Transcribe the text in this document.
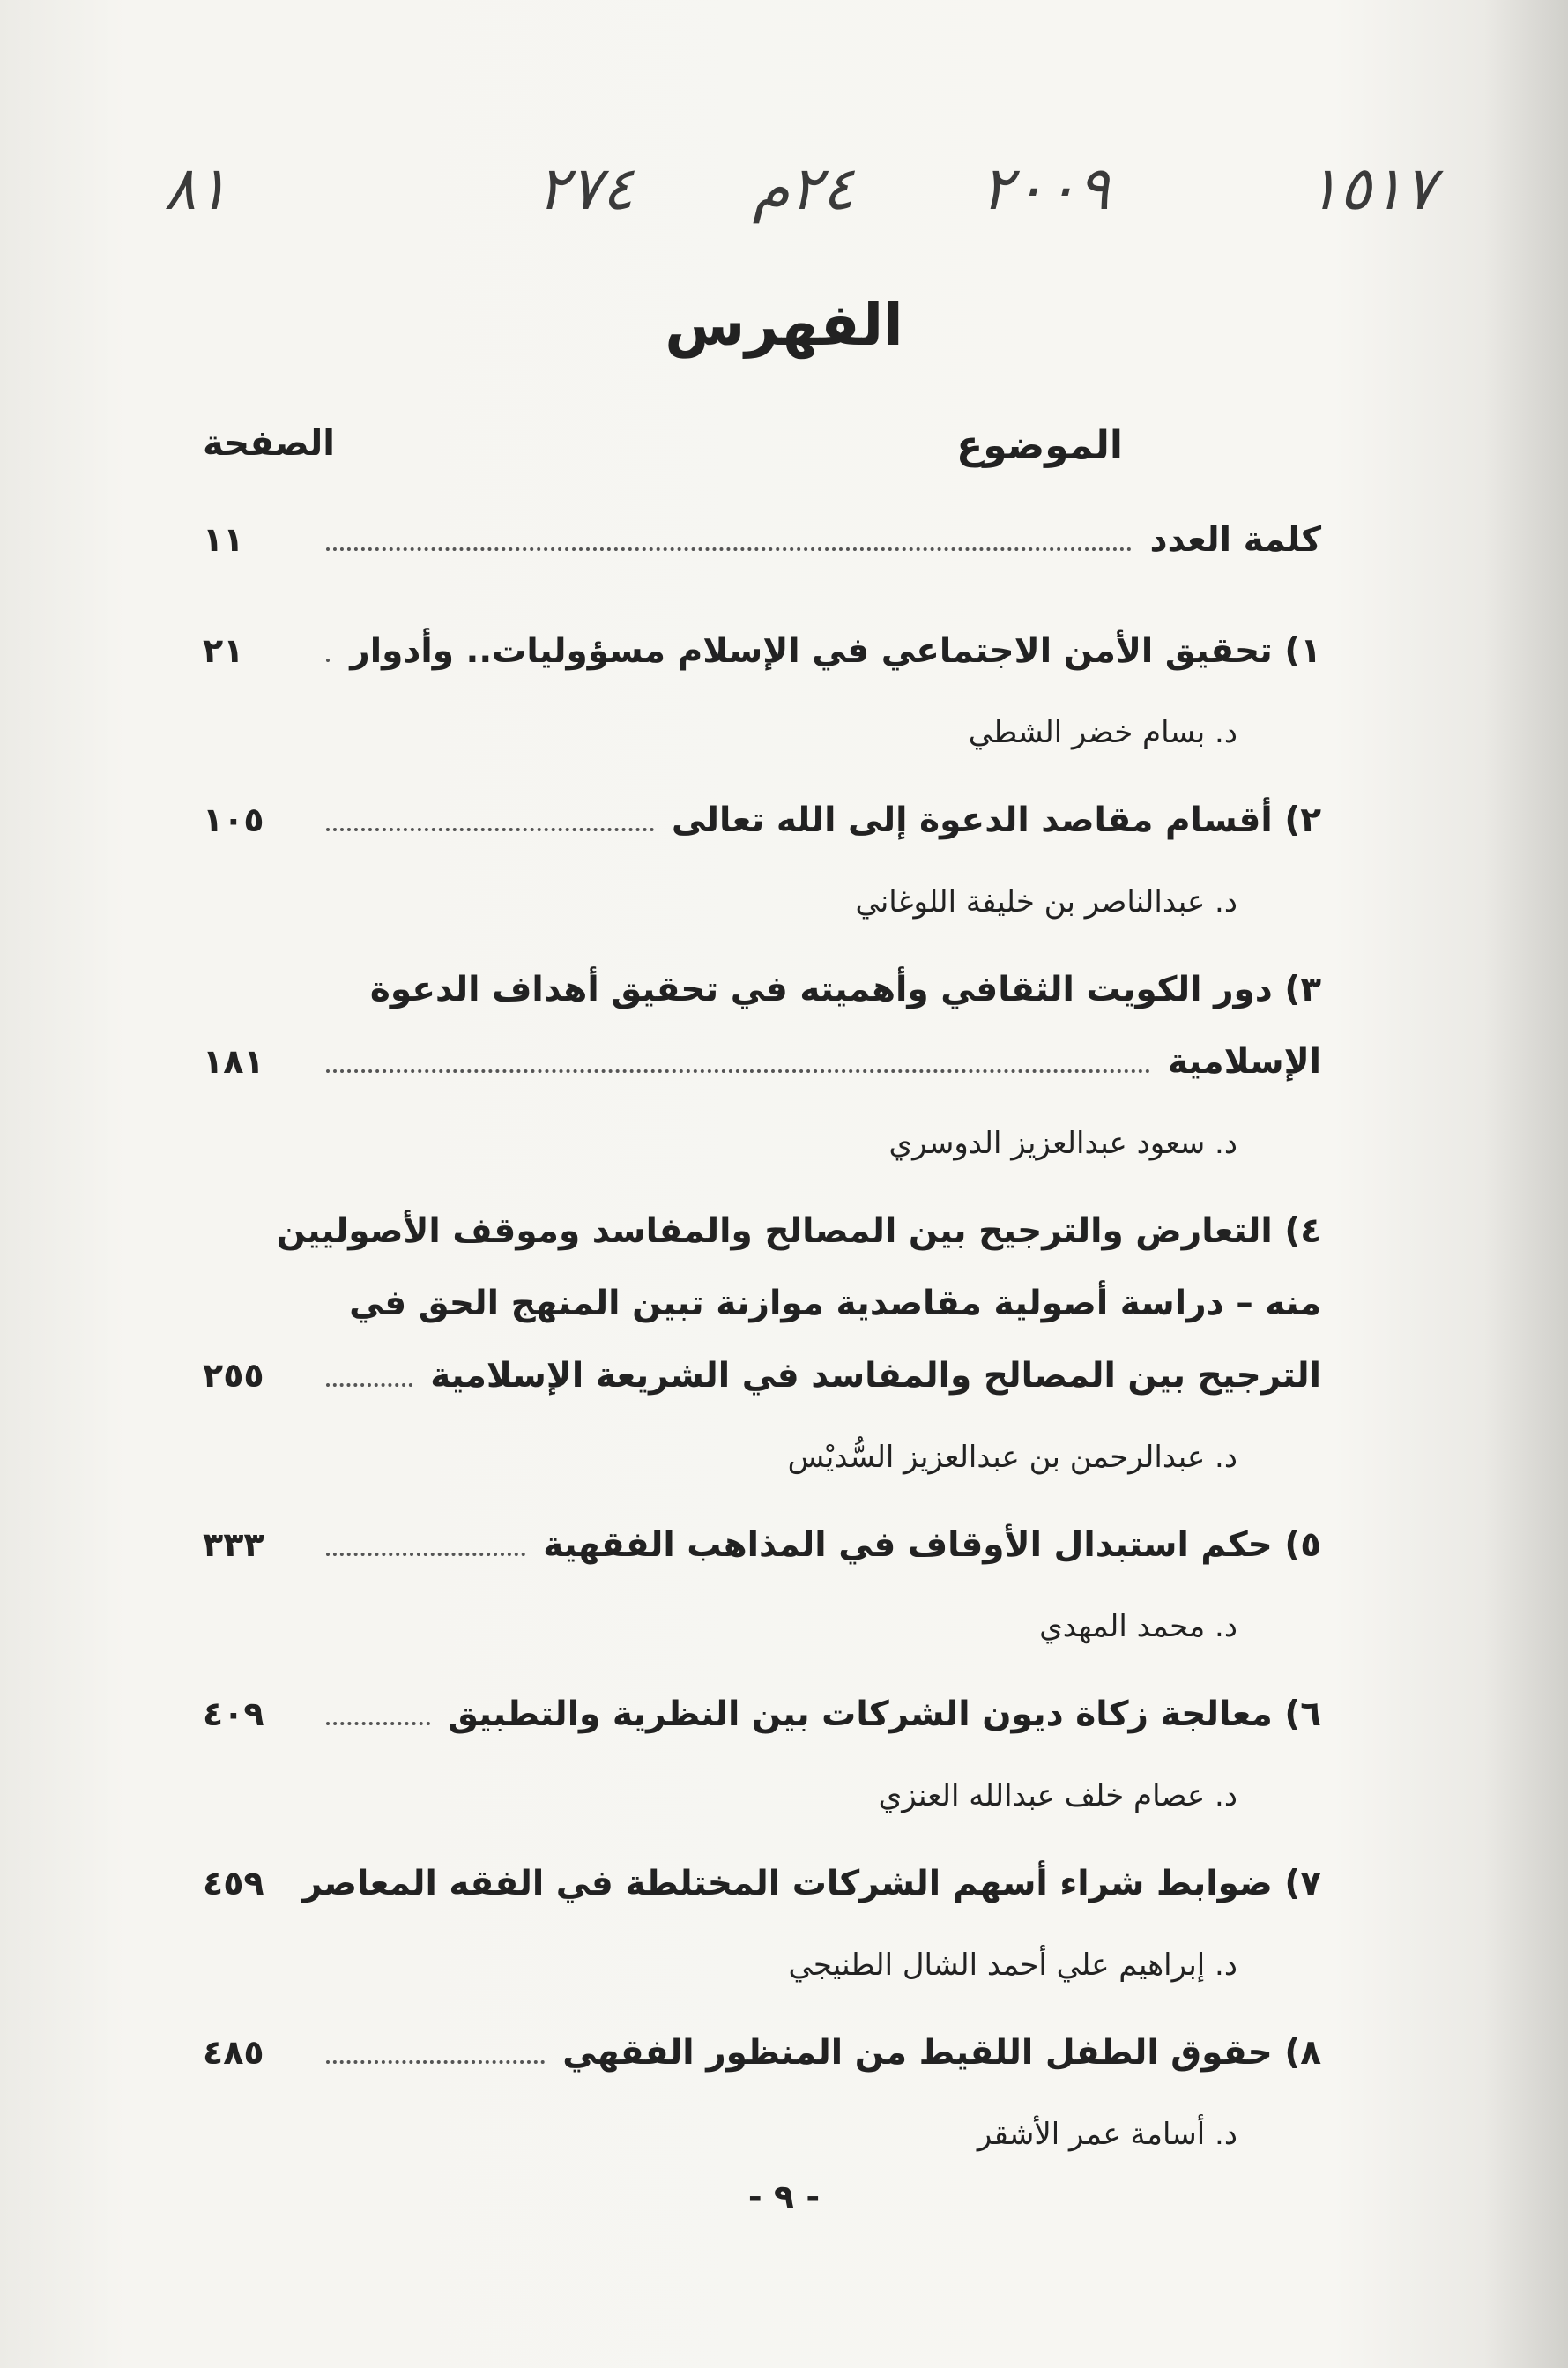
٨١	٢٧٤ ٢٤م ٢٠٠٩	١٥١٧
الفهرس
الموضوع
الصفحة
كلمة العدد
١١
١) تحقيق الأمن الاجتماعي في الإسلام مسؤوليات.. وأدوار
٢١
د. بسام خضر الشطي
٢) أقسام مقاصد الدعوة إلى الله تعالى
١٠٥
د. عبدالناصر بن خليفة اللوغاني
٣) دور الكويت الثقافي وأهميته في تحقيق أهداف الدعوة
الإسلامية
١٨١
د. سعود عبدالعزيز الدوسري
٤) التعارض والترجيح بين المصالح والمفاسد وموقف الأصوليين
منه – دراسة أصولية مقاصدية موازنة تبين المنهج الحق في
الترجيح بين المصالح والمفاسد في الشريعة الإسلامية
٢٥٥
د. عبدالرحمن بن عبدالعزيز السُّديْس
٥) حكم استبدال الأوقاف في المذاهب الفقهية
٣٣٣
د. محمد المهدي
٦) معالجة زكاة ديون الشركات بين النظرية والتطبيق
٤٠٩
د. عصام خلف عبدالله العنزي
٧) ضوابط شراء أسهم الشركات المختلطة في الفقه المعاصر
٤٥٩
د. إبراهيم علي أحمد الشال الطنيجي
٨) حقوق الطفل اللقيط من المنظور الفقهي
٤٨٥
د. أسامة عمر الأشقر
- ٩ -
